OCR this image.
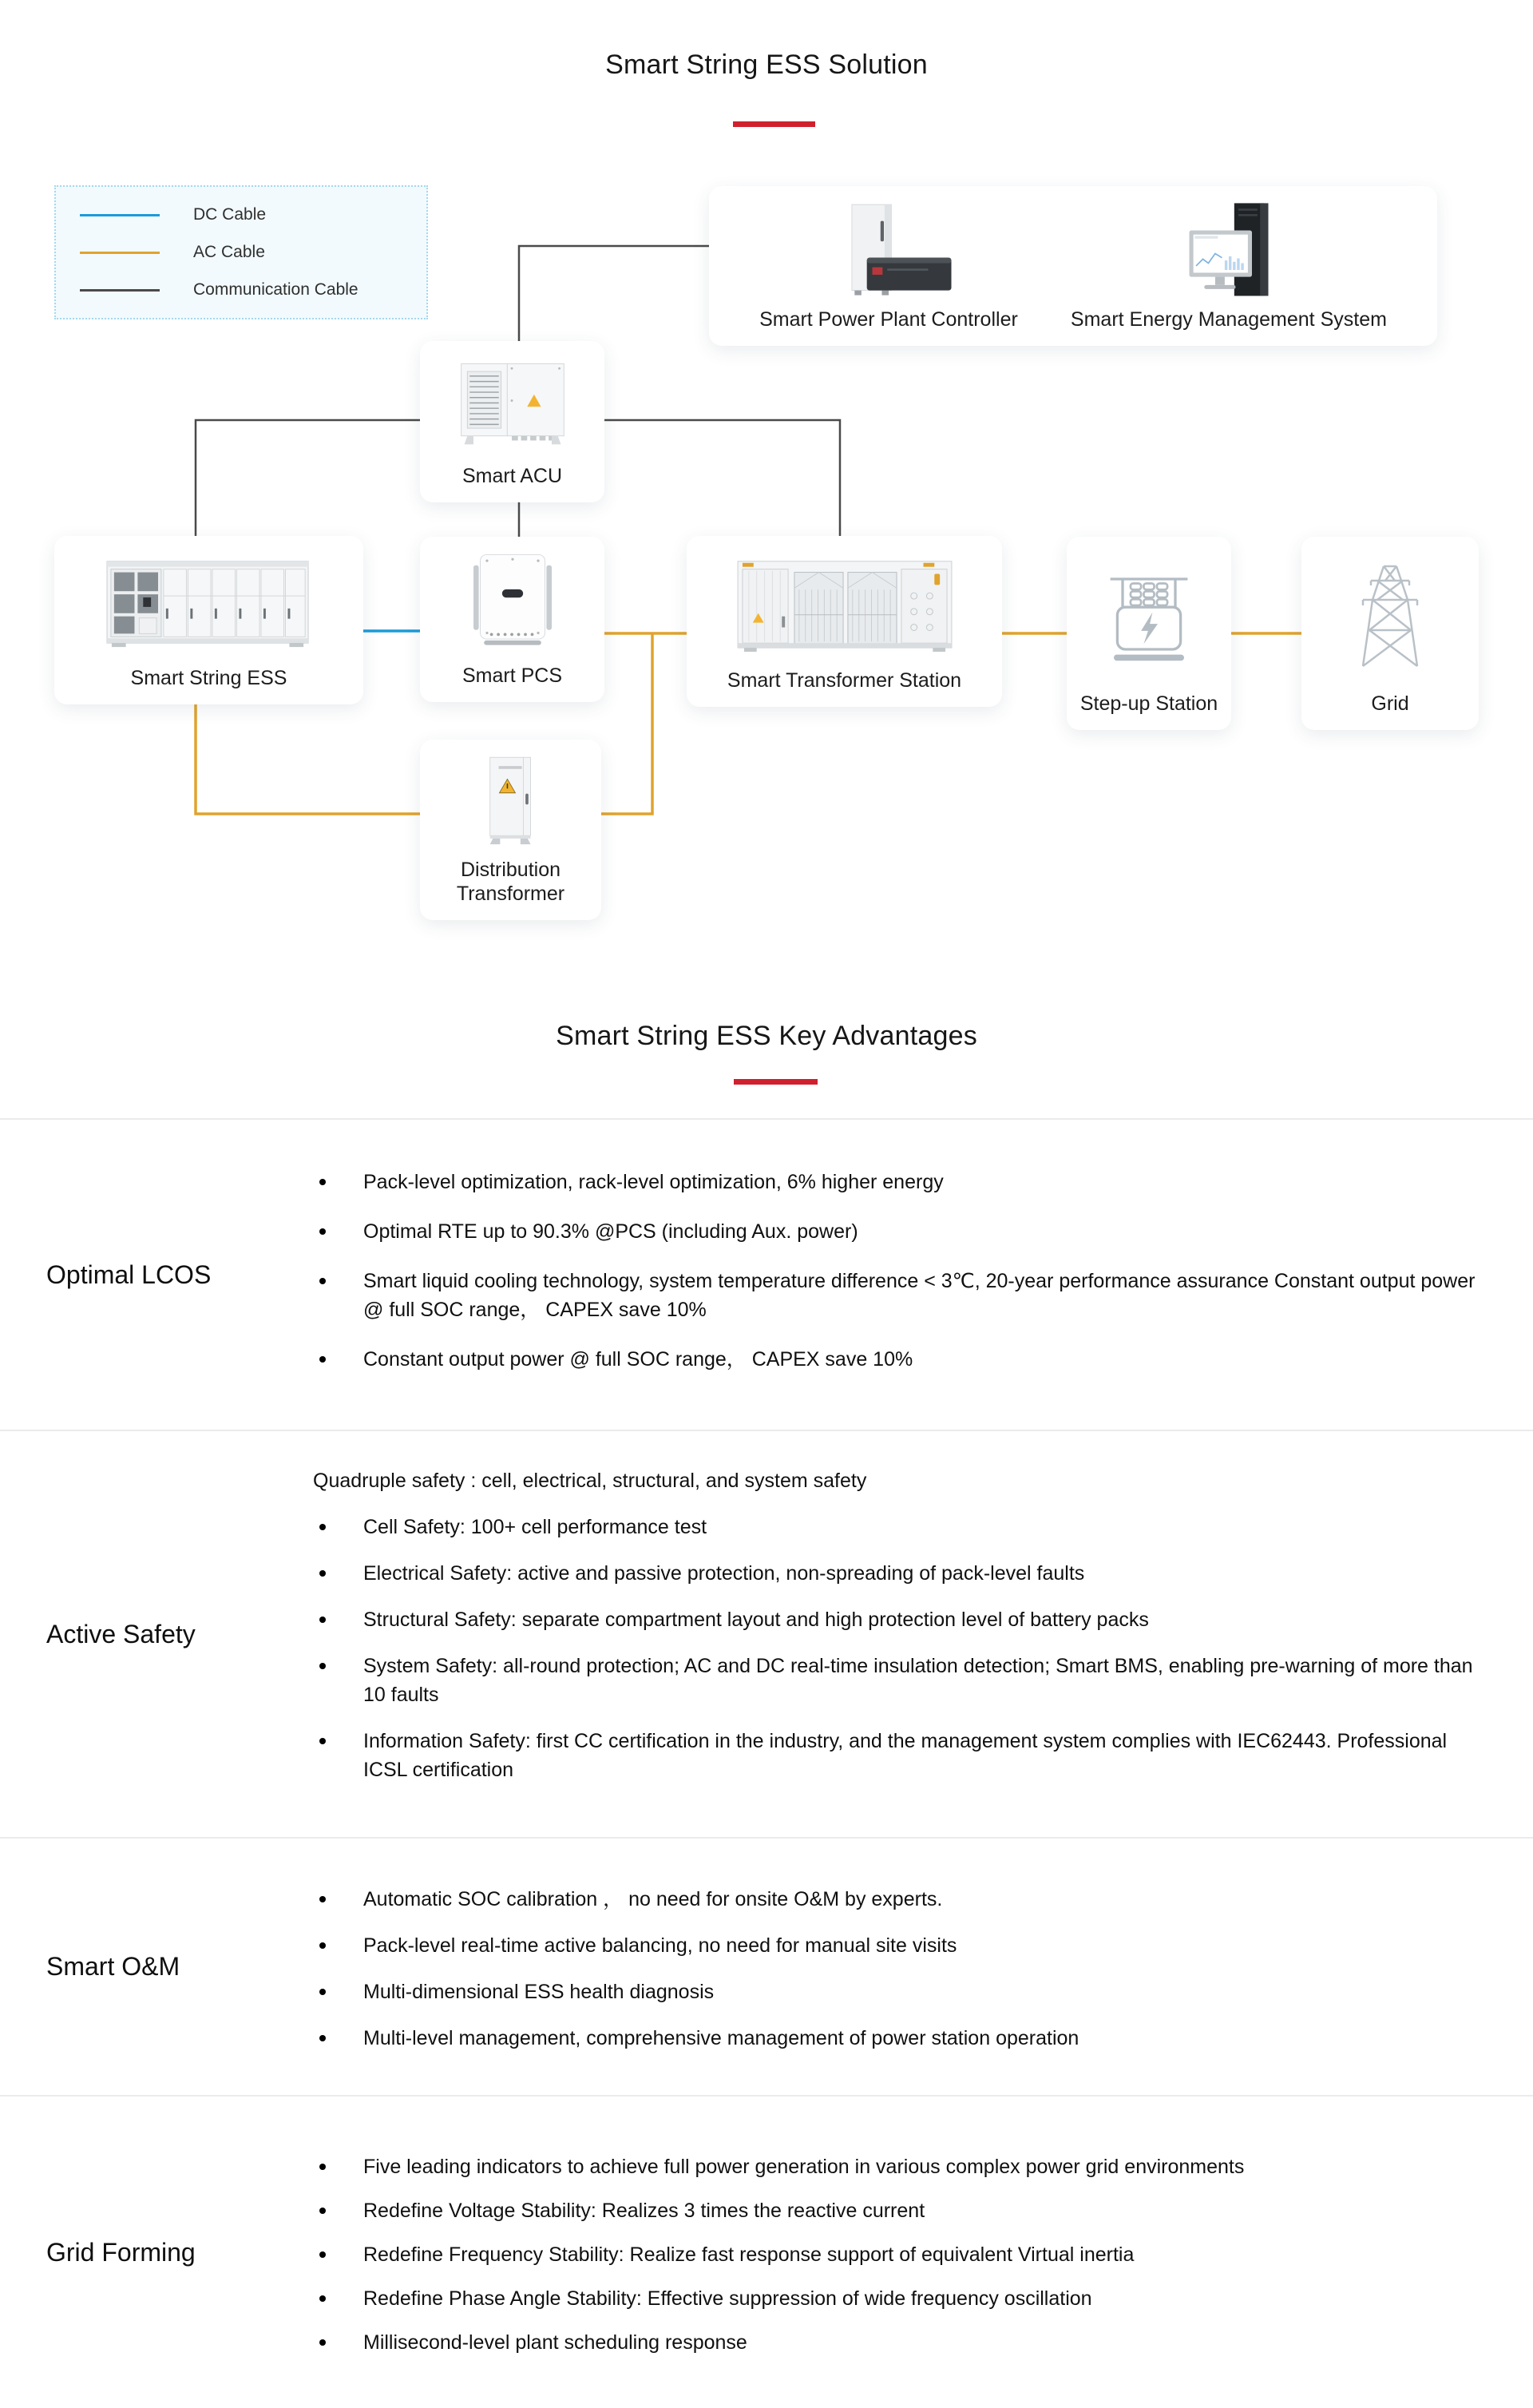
Smart String ESS Solution
DC Cable
AC Cable
Communication Cable
Smart Power Plant Controller	Smart Energy Management System
Smart ACU
Smart String ESS	Smart PCS	Smart Transformer Station
Step-up Station	Grid
Distribution Transformer
Smart String ESS Key Advantages
Optimal LCOS
Pack-level optimization, rack-level optimization, 6% higher energy
Optimal RTE up to 90.3% @PCS (including Aux. power)
Smart liquid cooling technology, system temperature difference < 3℃, 20-year performance assurance Constant output power @ full SOC range， CAPEX save 10%
Constant output power @ full SOC range， CAPEX save 10%
Active Safety
Quadruple safety : cell, electrical, structural, and system safety
Cell Safety: 100+ cell performance test
Electrical Safety: active and passive protection, non-spreading of pack-level faults
Structural Safety: separate compartment layout and high protection level of battery packs
System Safety: all-round protection; AC and DC real-time insulation detection; Smart BMS, enabling pre-warning of more than 10 faults
Information Safety: first CC certification in the industry, and the management system complies with IEC62443. Professional ICSL certification
Smart O&M
Automatic SOC calibration ， no need for onsite O&M by experts.
Pack-level real-time active balancing, no need for manual site visits
Multi-dimensional ESS health diagnosis
Multi-level management, comprehensive management of power station operation
Grid Forming
Five leading indicators to achieve full power generation in various complex power grid environments
Redefine Voltage Stability: Realizes 3 times the reactive current
Redefine Frequency Stability: Realize fast response support of equivalent Virtual inertia
Redefine Phase Angle Stability: Effective suppression of wide frequency oscillation
Millisecond-level plant scheduling response
